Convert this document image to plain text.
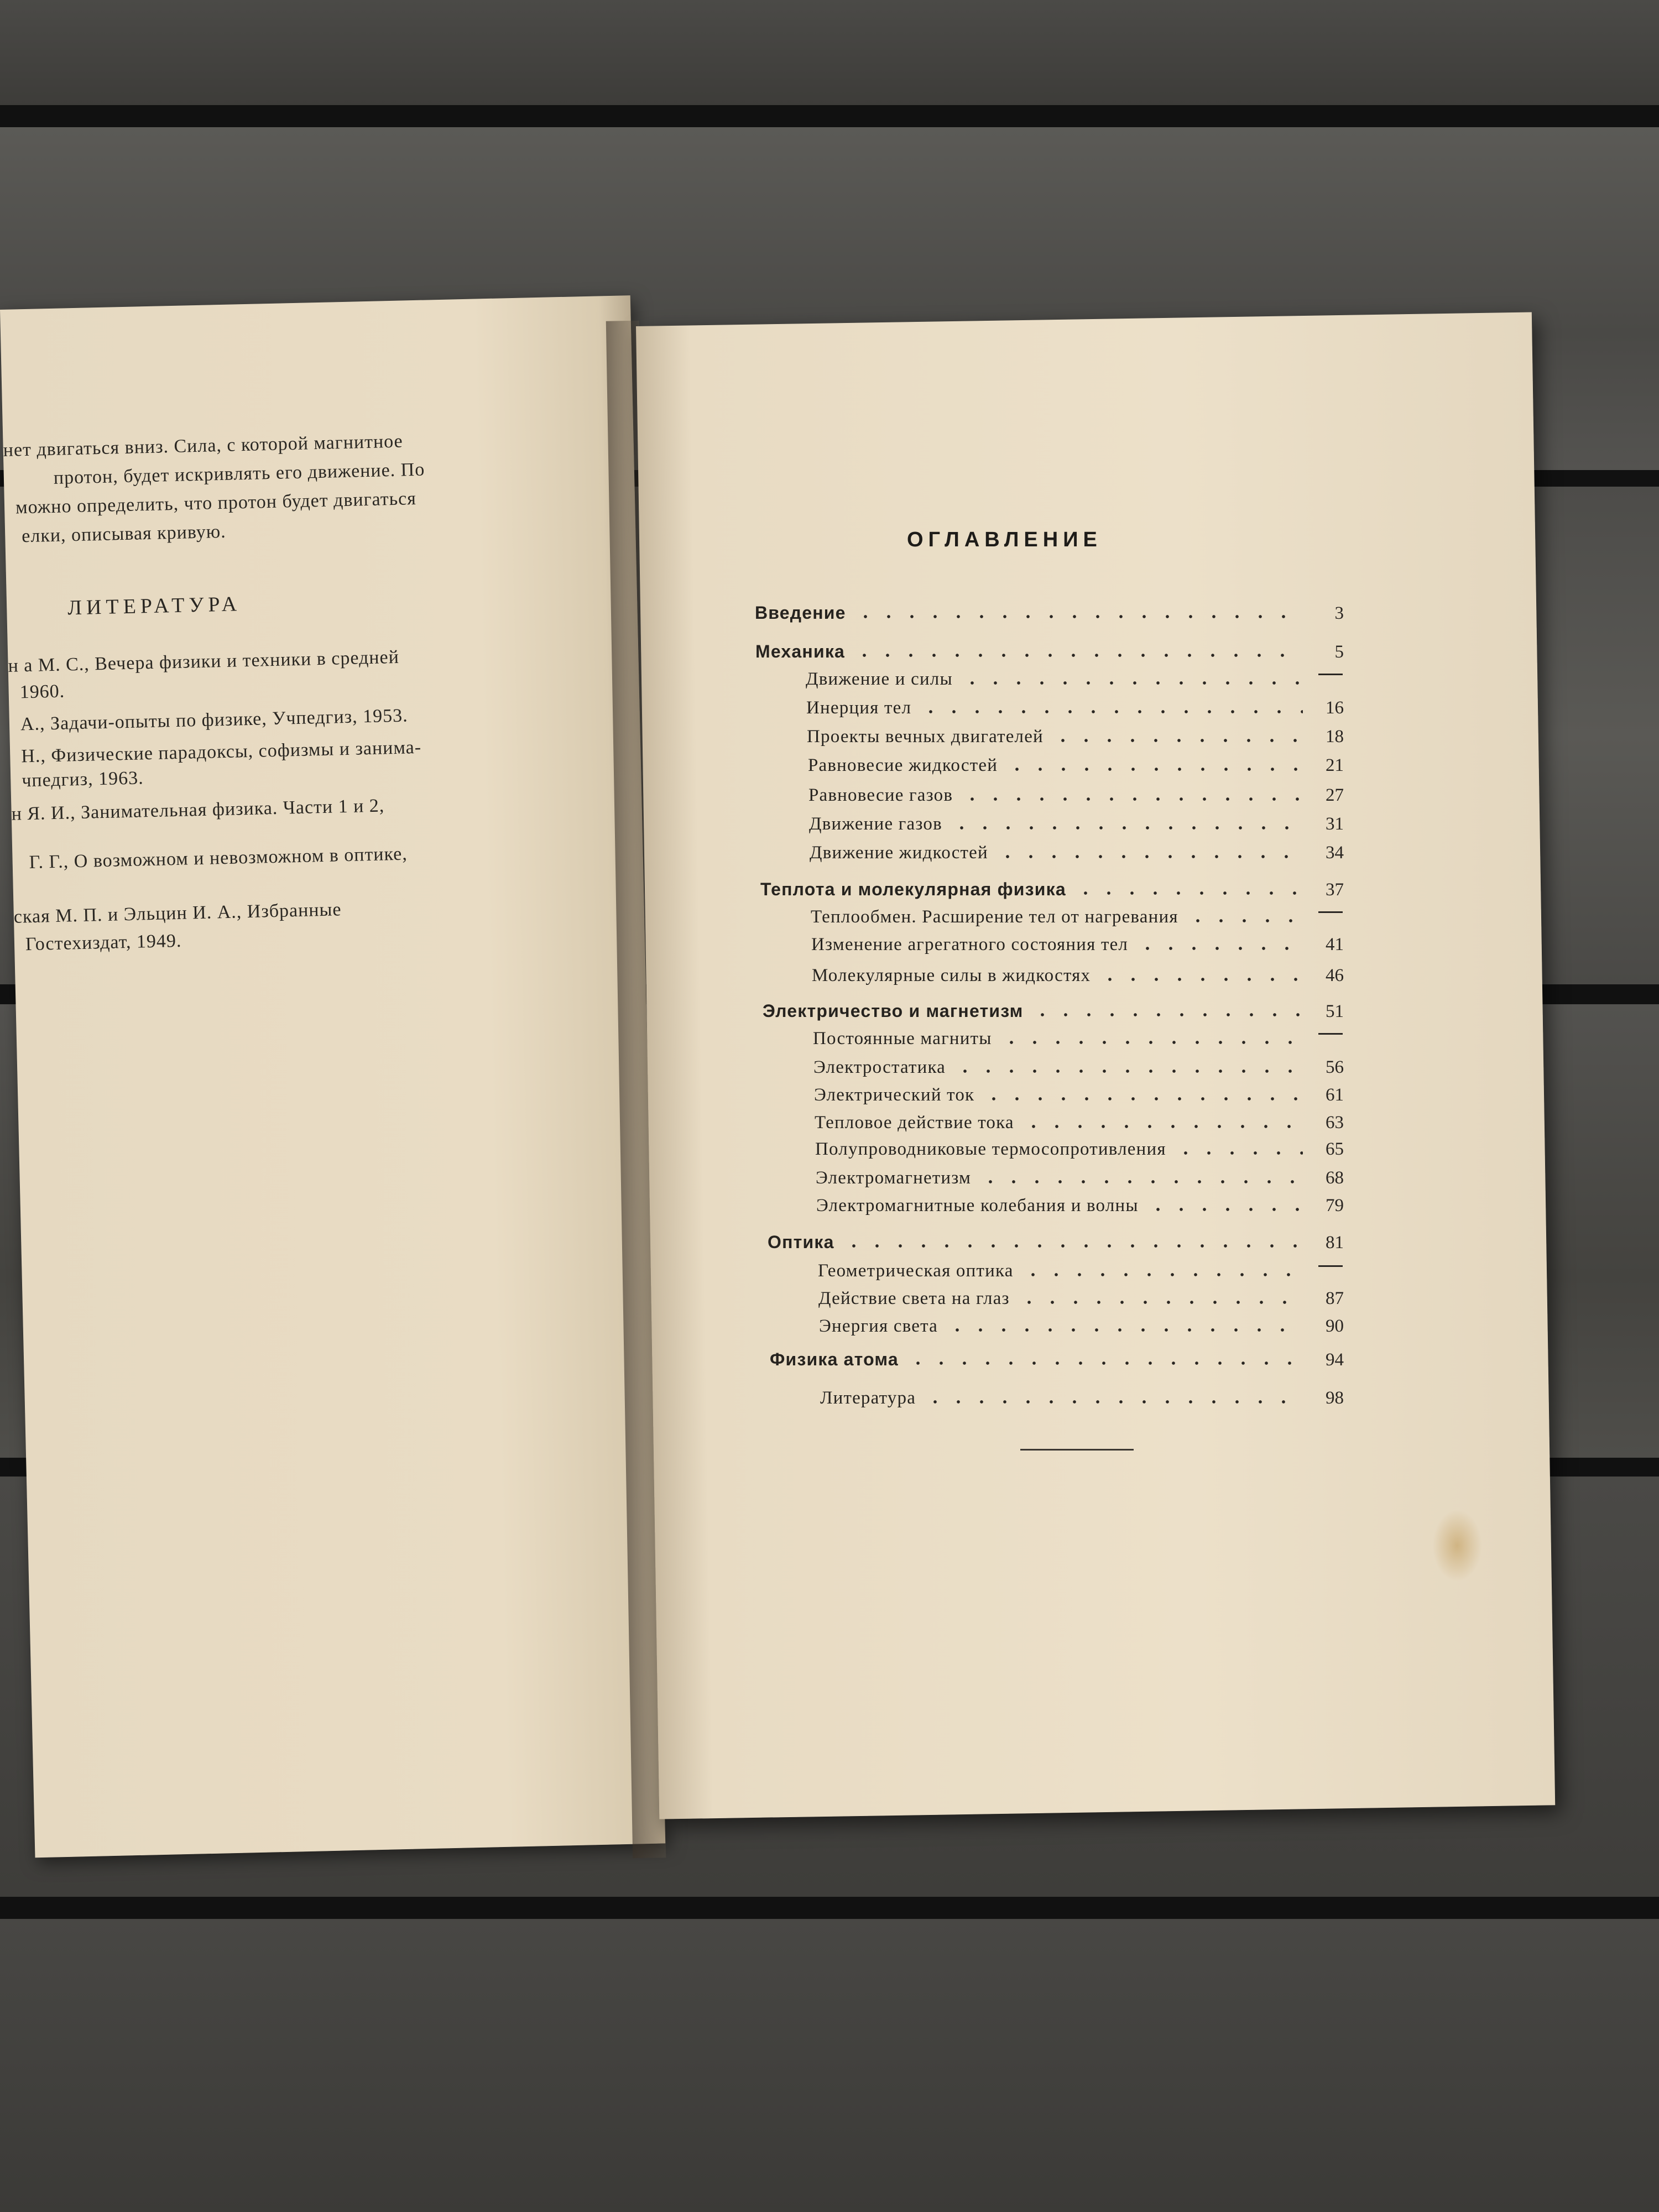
нет двигаться вниз. Сила, с которой магнитное
протон, будет искривлять его движение. По
можно определить, что протон будет двигаться
елки, описывая кривую.
ЛИТЕРАТУРА
н а М. С., Вечера физики и техники в средней
1960.
А., Задачи-опыты по физике, Учпедгиз, 1953.
Н., Физические парадоксы, софизмы и занима-
чпедгиз, 1963.
н Я. И., Занимательная физика. Части 1 и 2,
Г. Г., О возможном и невозможном в оптике,
ская М. П. и Эльцин И. А., Избранные
Гостехиздат, 1949.
ОГЛАВЛЕНИЕ
Введение	3
Механика	5
Движение и силы
Инерция тел	16
Проекты вечных двигателей	18
Равновесие жидкостей	21
Равновесие газов	27
Движение газов	31
Движение жидкостей	34
Теплота и молекулярная физика	37
Теплообмен. Расширение тел от нагревания
Изменение агрегатного состояния тел	41
Молекулярные силы в жидкостях	46
Электричество и магнетизм	51
Постоянные магниты
Электростатика	56
Электрический ток	61
Тепловое действие тока	63
Полупроводниковые термосопротивления	65
Электромагнетизм	68
Электромагнитные колебания и волны	79
Оптика	81
Геометрическая оптика
Действие света на глаз	87
Энергия света	90
Физика атома	94
Литература	98
